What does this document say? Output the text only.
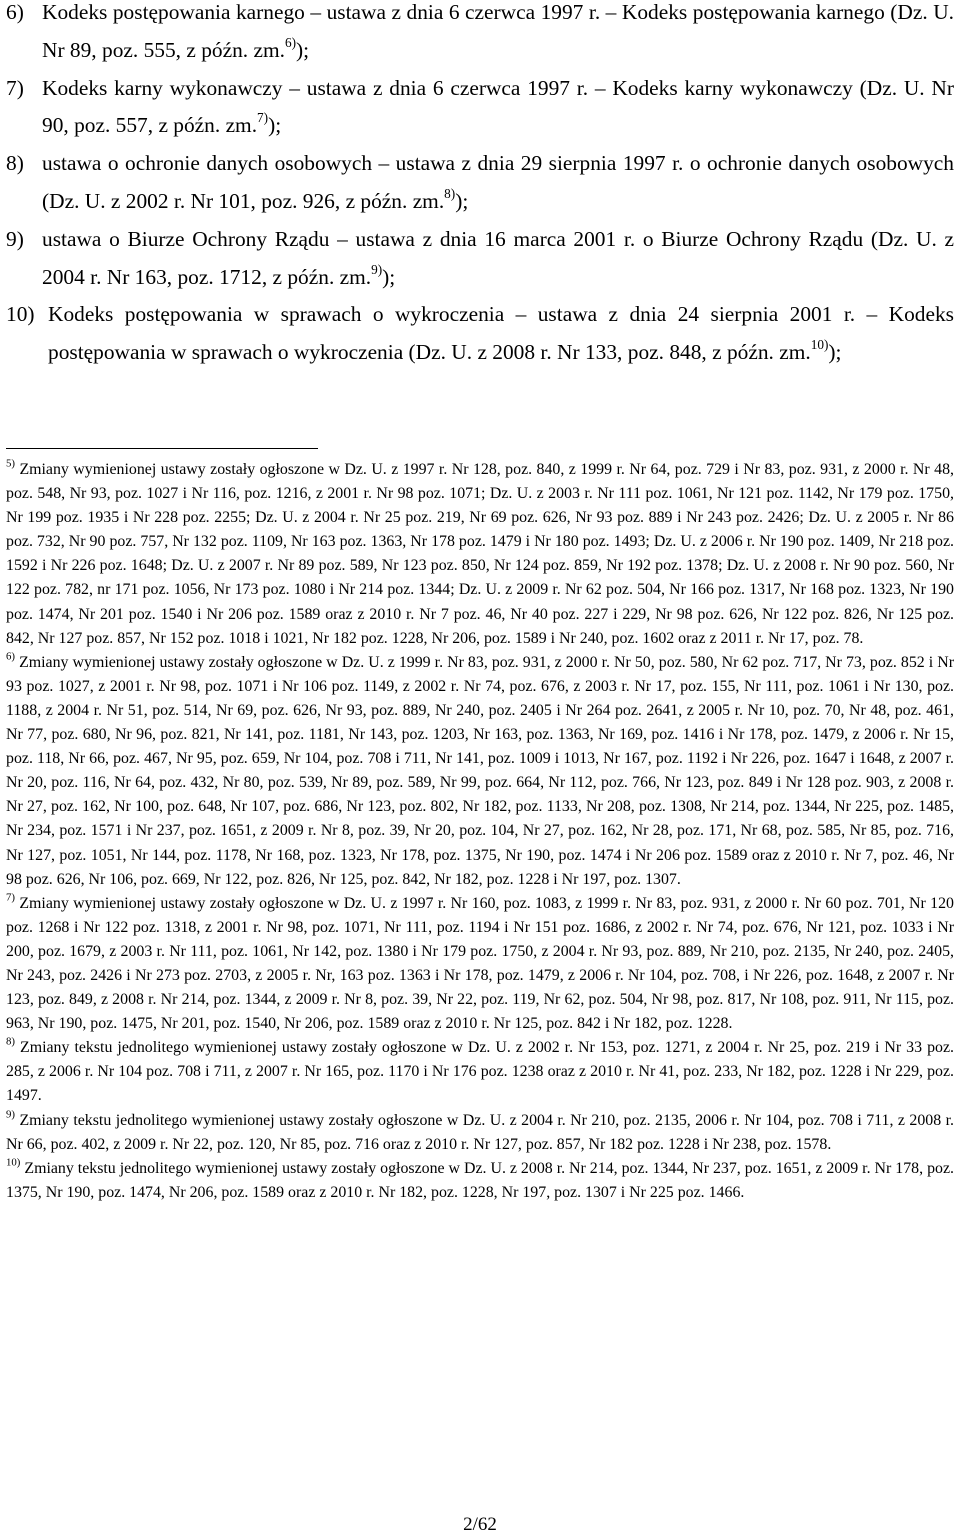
6) Kodeks postępowania karnego – ustawa z dnia 6 czerwca 1997 r. – Kodeks postępowania karnego (Dz. U. Nr 89, poz. 555, z późn. zm.$^{6)}$);
7) Kodeks karny wykonawczy – ustawa z dnia 6 czerwca 1997 r. – Kodeks karny wykonawczy (Dz. U. Nr 90, poz. 557, z późn. zm.$^{7)}$);
8) ustawa o ochronie danych osobowych – ustawa z dnia 29 sierpnia 1997 r. o ochronie danych osobowych (Dz. U. z 2002 r. Nr 101, poz. 926, z późn. zm.$^{8)}$);
9) ustawa o Biurze Ochrony Rządu – ustawa z dnia 16 marca 2001 r. o Biurze Ochrony Rządu (Dz. U. z 2004 r. Nr 163, poz. 1712, z późn. zm.$^{9)}$);
10) Kodeks postępowania w sprawach o wykroczenia – ustawa z dnia 24 sierpnia 2001 r. – Kodeks postępowania w sprawach o wykroczenia (Dz. U. z 2008 r. Nr 133, poz. 848, z późn. zm.$^{10)}$);

$^{5)}$ Zmiany wymienionej ustawy zostały ogłoszone w Dz. U. z 1997 r. Nr 128, poz. 840, z 1999 r. Nr 64, poz. 729 i Nr 83, poz. 931, z 2000 r. Nr 48, poz. 548, Nr 93, poz. 1027 i Nr 116, poz. 1216, z 2001 r. Nr 98 poz. 1071; Dz. U. z 2003 r. Nr 111 poz. 1061, Nr 121 poz. 1142, Nr 179 poz. 1750, Nr 199 poz. 1935 i Nr 228 poz. 2255; Dz. U. z 2004 r. Nr 25 poz. 219, Nr 69 poz. 626, Nr 93 poz. 889 i Nr 243 poz. 2426; Dz. U. z 2005 r. Nr 86 poz. 732, Nr 90 poz. 757, Nr 132 poz. 1109, Nr 163 poz. 1363, Nr 178 poz. 1479 i Nr 180 poz. 1493; Dz. U. z 2006 r. Nr 190 poz. 1409, Nr 218 poz. 1592 i Nr 226 poz. 1648; Dz. U. z 2007 r. Nr 89 poz. 589, Nr 123 poz. 850, Nr 124 poz. 859, Nr 192 poz. 1378; Dz. U. z 2008 r. Nr 90 poz. 560, Nr 122 poz. 782, nr 171 poz. 1056, Nr 173 poz. 1080 i Nr 214 poz. 1344; Dz. U. z 2009 r. Nr 62 poz. 504, Nr 166 poz. 1317, Nr 168 poz. 1323, Nr 190 poz. 1474, Nr 201 poz. 1540 i Nr 206 poz. 1589 oraz z 2010 r. Nr 7 poz. 46, Nr 40 poz. 227 i 229, Nr 98 poz. 626, Nr 122 poz. 826, Nr 125 poz. 842, Nr 127 poz. 857, Nr 152 poz. 1018 i 1021, Nr 182 poz. 1228, Nr 206, poz. 1589 i Nr 240, poz. 1602 oraz z 2011 r. Nr 17, poz. 78.

$^{6)}$ Zmiany wymienionej ustawy zostały ogłoszone w Dz. U. z 1999 r. Nr 83, poz. 931, z 2000 r. Nr 50, poz. 580, Nr 62 poz. 717, Nr 73, poz. 852 i Nr 93 poz. 1027, z 2001 r. Nr 98, poz. 1071 i Nr 106 poz. 1149, z 2002 r. Nr 74, poz. 676, z 2003 r. Nr 17, poz. 155, Nr 111, poz. 1061 i Nr 130, poz. 1188, z 2004 r. Nr 51, poz. 514, Nr 69, poz. 626, Nr 93, poz. 889, Nr 240, poz. 2405 i Nr 264 poz. 2641, z 2005 r. Nr 10, poz. 70, Nr 48, poz. 461, Nr 77, poz. 680, Nr 96, poz. 821, Nr 141, poz. 1181, Nr 143, poz. 1203, Nr 163, poz. 1363, Nr 169, poz. 1416 i Nr 178, poz. 1479, z 2006 r. Nr 15, poz. 118, Nr 66, poz. 467, Nr 95, poz. 659, Nr 104, poz. 708 i 711, Nr 141, poz. 1009 i 1013, Nr 167, poz. 1192 i Nr 226, poz. 1647 i 1648, z 2007 r. Nr 20, poz. 116, Nr 64, poz. 432, Nr 80, poz. 539, Nr 89, poz. 589, Nr 99, poz. 664, Nr 112, poz. 766, Nr 123, poz. 849 i Nr 128 poz. 903, z 2008 r. Nr 27, poz. 162, Nr 100, poz. 648, Nr 107, poz. 686, Nr 123, poz. 802, Nr 182, poz. 1133, Nr 208, poz. 1308, Nr 214, poz. 1344, Nr 225, poz. 1485, Nr 234, poz. 1571 i Nr 237, poz. 1651, z 2009 r. Nr 8, poz. 39, Nr 20, poz. 104, Nr 27, poz. 162, Nr 28, poz. 171, Nr 68, poz. 585, Nr 85, poz. 716, Nr 127, poz. 1051, Nr 144, poz. 1178, Nr 168, poz. 1323, Nr 178, poz. 1375, Nr 190, poz. 1474 i Nr 206 poz. 1589 oraz z 2010 r. Nr 7, poz. 46, Nr 98 poz. 626, Nr 106, poz. 669, Nr 122, poz. 826, Nr 125, poz. 842, Nr 182, poz. 1228 i Nr 197, poz. 1307.

$^{7)}$ Zmiany wymienionej ustawy zostały ogłoszone w Dz. U. z 1997 r. Nr 160, poz. 1083, z 1999 r. Nr 83, poz. 931, z 2000 r. Nr 60 poz. 701, Nr 120 poz. 1268 i Nr 122 poz. 1318, z 2001 r. Nr 98, poz. 1071, Nr 111, poz. 1194 i Nr 151 poz. 1686, z 2002 r. Nr 74, poz. 676, Nr 121, poz. 1033 i Nr 200, poz. 1679, z 2003 r. Nr 111, poz. 1061, Nr 142, poz. 1380 i Nr 179 poz. 1750, z 2004 r. Nr 93, poz. 889, Nr 210, poz. 2135, Nr 240, poz. 2405, Nr 243, poz. 2426 i Nr 273 poz. 2703, z 2005 r. Nr, 163 poz. 1363 i Nr 178, poz. 1479, z 2006 r. Nr 104, poz. 708, i Nr 226, poz. 1648, z 2007 r. Nr 123, poz. 849, z 2008 r. Nr 214, poz. 1344, z 2009 r. Nr 8, poz. 39, Nr 22, poz. 119, Nr 62, poz. 504, Nr 98, poz. 817, Nr 108, poz. 911, Nr 115, poz. 963, Nr 190, poz. 1475, Nr 201, poz. 1540, Nr 206, poz. 1589 oraz z 2010 r. Nr 125, poz. 842 i Nr 182, poz. 1228.

$^{8)}$ Zmiany tekstu jednolitego wymienionej ustawy zostały ogłoszone w Dz. U. z 2002 r. Nr 153, poz. 1271, z 2004 r. Nr 25, poz. 219 i Nr 33 poz. 285, z 2006 r. Nr 104 poz. 708 i 711, z 2007 r. Nr 165, poz. 1170 i Nr 176 poz. 1238 oraz z 2010 r. Nr 41, poz. 233, Nr 182, poz. 1228 i Nr 229, poz. 1497.

$^{9)}$ Zmiany tekstu jednolitego wymienionej ustawy zostały ogłoszone w Dz. U. z 2004 r. Nr 210, poz. 2135, 2006 r. Nr 104, poz. 708 i 711, z 2008 r. Nr 66, poz. 402, z 2009 r. Nr 22, poz. 120, Nr 85, poz. 716 oraz z 2010 r. Nr 127, poz. 857, Nr 182 poz. 1228 i Nr 238, poz. 1578.

$^{10)}$ Zmiany tekstu jednolitego wymienionej ustawy zostały ogłoszone w Dz. U. z 2008 r. Nr 214, poz. 1344, Nr 237, poz. 1651, z 2009 r. Nr 178, poz. 1375, Nr 190, poz. 1474, Nr 206, poz. 1589 oraz z 2010 r. Nr 182, poz. 1228, Nr 197, poz. 1307 i Nr 225 poz. 1466.

2/62
